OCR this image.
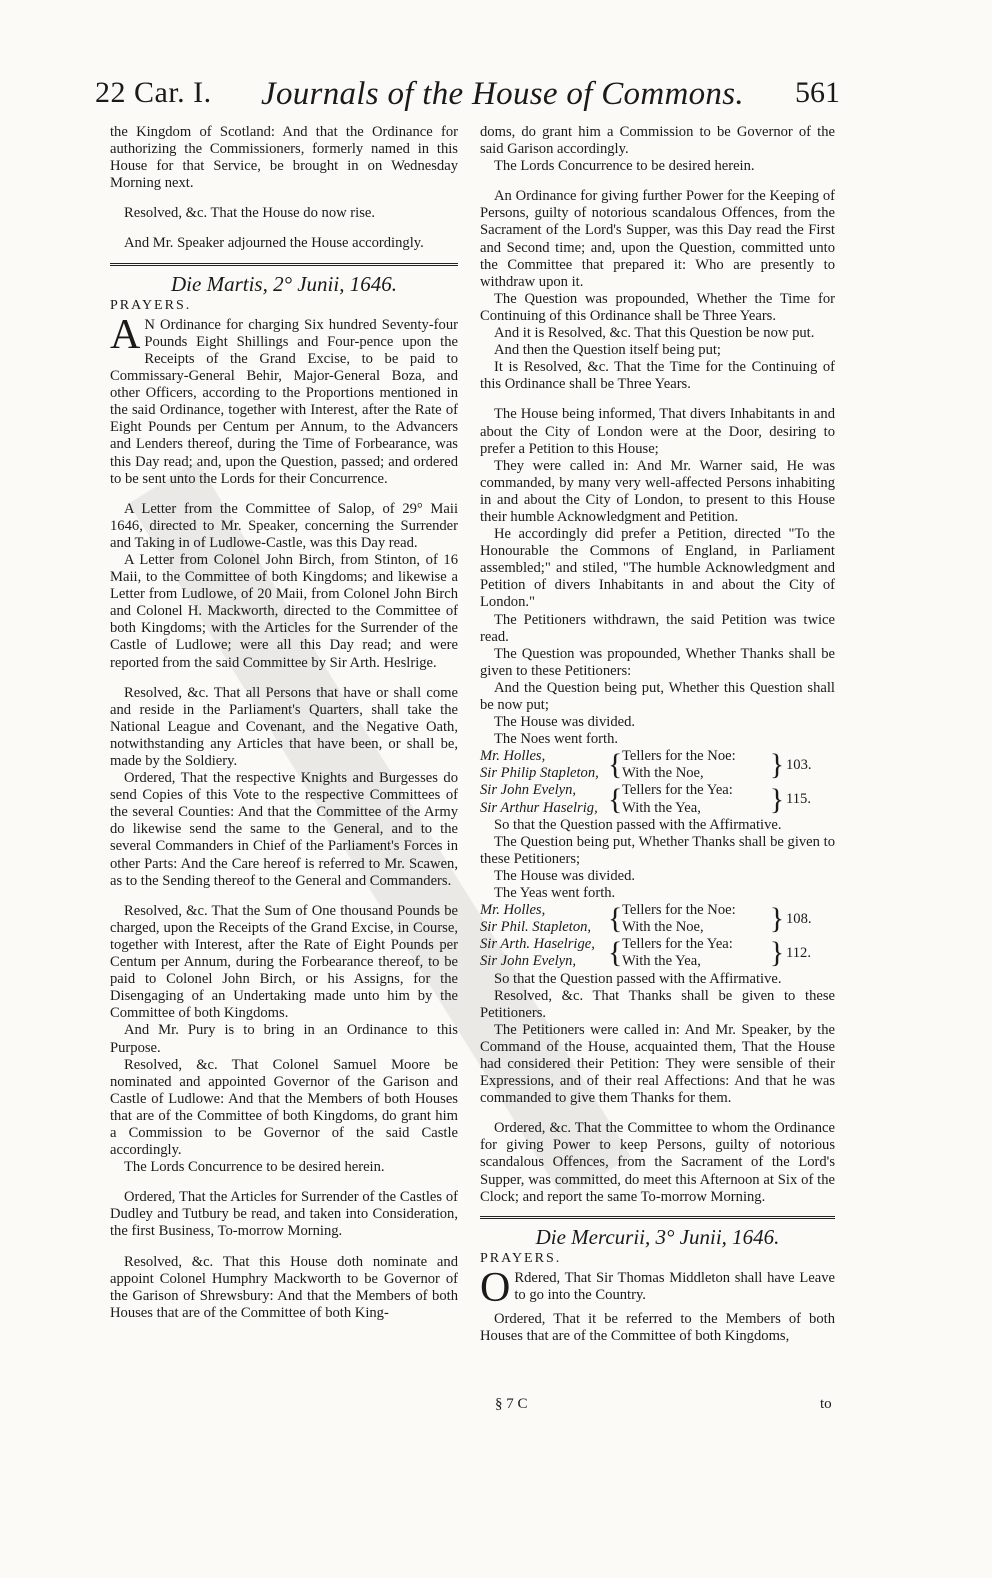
22 Car. I. Journals of the House of Commons. 561

the Kingdom of Scotland: And that the Ordinance for authorizing the Commissioners, formerly named in this House for that Service, be brought in on Wednesday Morning next.

Resolved, &c. That the House do now rise.

And Mr. Speaker adjourned the House accordingly.

Die Martis, 2° Junii, 1646.
PRAYERS.

A N Ordinance for charging Six hundred Seventy-four Pounds Eight Shillings and Four-pence upon the Receipts of the Grand Excise, to be paid to Commissary-General Behir, Major-General Boza, and other Officers, according to the Proportions mentioned in the said Ordinance, together with Interest, after the Rate of Eight Pounds per Centum per Annum, to the Advancers and Lenders thereof, during the Time of Forbearance, was this Day read; and, upon the Question, passed; and ordered to be sent unto the Lords for their Concurrence.

A Letter from the Committee of Salop, of 29° Maii 1646, directed to Mr. Speaker, concerning the Surrender and Taking in of Ludlowe-Castle, was this Day read.

A Letter from Colonel John Birch, from Stinton, of 16 Maii, to the Committee of both Kingdoms; and likewise a Letter from Ludlowe, of 20 Maii, from Colonel John Birch and Colonel H. Mackworth, directed to the Committee of both Kingdoms; with the Articles for the Surrender of the Castle of Ludlowe; were all this Day read; and were reported from the said Committee by Sir Arth. Heslrige.

Resolved, &c. That all Persons that have or shall come and reside in the Parliament's Quarters, shall take the National League and Covenant, and the Negative Oath, notwithstanding any Articles that have been, or shall be, made by the Soldiery.

Ordered, That the respective Knights and Burgesses do send Copies of this Vote to the respective Committees of the several Counties: And that the Committee of the Army do likewise send the same to the General, and to the several Commanders in Chief of the Parliament's Forces in other Parts: And the Care hereof is referred to Mr. Scawen, as to the Sending thereof to the General and Commanders.

Resolved, &c. That the Sum of One thousand Pounds be charged, upon the Receipts of the Grand Excise, in Course, together with Interest, after the Rate of Eight Pounds per Centum per Annum, during the Forbearance thereof, to be paid to Colonel John Birch, or his Assigns, for the Disengaging of an Undertaking made unto him by the Committee of both Kingdoms.

And Mr. Pury is to bring in an Ordinance to this Purpose.

Resolved, &c. That Colonel Samuel Moore be nominated and appointed Governor of the Garison and Castle of Ludlowe: And that the Members of both Houses that are of the Committee of both Kingdoms, do grant him a Commission to be Governor of the said Castle accordingly.

The Lords Concurrence to be desired herein.

Ordered, That the Articles for Surrender of the Castles of Dudley and Tutbury be read, and taken into Consideration, the first Business, To-morrow Morning.

Resolved, &c. That this House doth nominate and appoint Colonel Humphry Mackworth to be Governor of the Garison of Shrewsbury: And that the Members of both Houses that are of the Committee of both King-

doms, do grant him a Commission to be Governor of the said Garison accordingly.

The Lords Concurrence to be desired herein.

An Ordinance for giving further Power for the Keeping of Persons, guilty of notorious scandalous Offences, from the Sacrament of the Lord's Supper, was this Day read the First and Second time; and, upon the Question, committed unto the Committee that prepared it: Who are presently to withdraw upon it.

The Question was propounded, Whether the Time for Continuing of this Ordinance shall be Three Years.

And it is Resolved, &c. That this Question be now put.

And then the Question itself being put;

It is Resolved, &c. That the Time for the Continuing of this Ordinance shall be Three Years.

The House being informed, That divers Inhabitants in and about the City of London were at the Door, desiring to prefer a Petition to this House;

They were called in: And Mr. Warner said, He was commanded, by many very well-affected Persons inhabiting in and about the City of London, to present to this House their humble Acknowledgment and Petition.

He accordingly did prefer a Petition, directed "To the Honourable the Commons of England, in Parliament assembled;" and stiled, "The humble Acknowledgment and Petition of divers Inhabitants in and about the City of London."

The Petitioners withdrawn, the said Petition was twice read.

The Question was propounded, Whether Thanks shall be given to these Petitioners:

And the Question being put, Whether this Question shall be now put;

The House was divided.

The Noes went forth.

Mr. Holles,	{ Tellers for the Noe:	} 103.
Sir Philip Stapleton,	With the Noe,
Sir John Evelyn,	{ Tellers for the Yea:	} 115.
Sir Arthur Haselrig,	With the Yea,

So that the Question passed with the Affirmative.

The Question being put, Whether Thanks shall be given to these Petitioners;

The House was divided.

The Yeas went forth.

Mr. Holles,	{ Tellers for the Noe:	} 108.
Sir Phil. Stapleton,	With the Noe,
Sir Arth. Haselrige, { Tellers for the Yea:	} 112.
Sir John Evelyn,	With the Yea,

So that the Question passed with the Affirmative.

Resolved, &c. That Thanks shall be given to these Petitioners.

The Petitioners were called in: And Mr. Speaker, by the Command of the House, acquainted them, That the House had considered their Petition: They were sensible of their Expressions, and of their real Affections: And that he was commanded to give them Thanks for them.

Ordered, &c. That the Committee to whom the Ordinance for giving Power to keep Persons, guilty of notorious scandalous Offences, from the Sacrament of the Lord's Supper, was committed, do meet this Afternoon at Six of the Clock; and report the same To-morrow Morning.

Die Mercurii, 3° Junii, 1646.
PRAYERS.

O Rdered, That Sir Thomas Middleton shall have Leave to go into the Country.

Ordered, That it be referred to the Members of both Houses that are of the Committee of both Kingdoms,

§ 7 C	to
